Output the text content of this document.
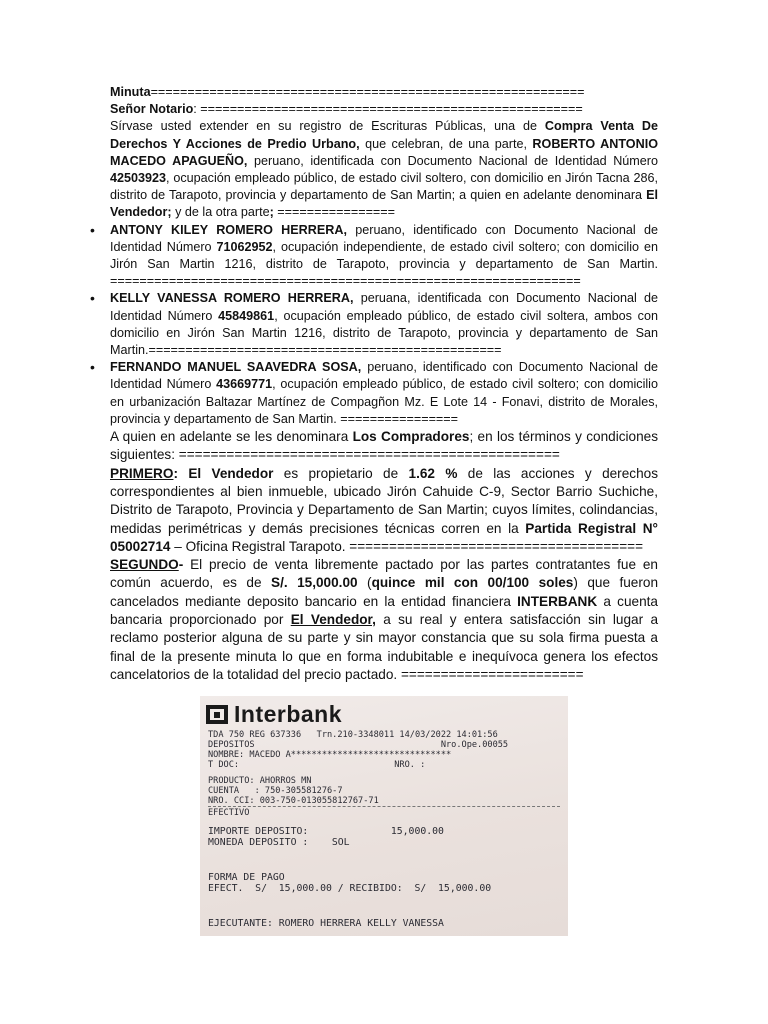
Minuta===========================================================

Señor Notario: ====================================================

Sírvase usted extender en su registro de Escrituras Públicas, una de Compra Venta De Derechos Y Acciones de Predio Urbano, que celebran, de una parte, ROBERTO ANTONIO MACEDO APAGUEÑO, peruano, identificada con Documento Nacional de Identidad Número 42503923, ocupación empleado público, de estado civil soltero, con domicilio en Jirón Tacna 286, distrito de Tarapoto, provincia y departamento de San Martin; a quien en adelante denominara El Vendedor; y de la otra parte; ================

• ANTONY KILEY ROMERO HERRERA, peruano, identificado con Documento Nacional de Identidad Número 71062952, ocupación independiente, de estado civil soltero; con domicilio en Jirón San Martin 1216, distrito de Tarapoto, provincia y departamento de San Martin. ================================================================

• KELLY VANESSA ROMERO HERRERA, peruana, identificada con Documento Nacional de Identidad Número 45849861, ocupación empleado público, de estado civil soltera, ambos con domicilio en Jirón San Martin 1216, distrito de Tarapoto, provincia y departamento de San Martin.================================================

• FERNANDO MANUEL SAAVEDRA SOSA, peruano, identificado con Documento Nacional de Identidad Número 43669771, ocupación empleado público, de estado civil soltero; con domicilio en urbanización Baltazar Martínez de Compagñon Mz. E Lote 14 - Fonavi, distrito de Morales, provincia y departamento de San Martin. ================

A quien en adelante se les denominara Los Compradores; en los términos y condiciones siguientes: ================================================

PRIMERO: El Vendedor es propietario de 1.62 % de las acciones y derechos correspondientes al bien inmueble, ubicado Jirón Cahuide C-9, Sector Barrio Suchiche, Distrito de Tarapoto, Provincia y Departamento de San Martin; cuyos límites, colindancias, medidas perimétricas y demás precisiones técnicas corren en la Partida Registral N° 05002714 – Oficina Registral Tarapoto. =====================================

SEGUNDO- El precio de venta libremente pactado por las partes contratantes fue en común acuerdo, es de S/. 15,000.00 (quince mil con 00/100 soles) que fueron cancelados mediante deposito bancario en la entidad financiera INTERBANK a cuenta bancaria proporcionado por El Vendedor, a su real y entera satisfacción sin lugar a reclamo posterior alguna de su parte y sin mayor constancia que su sola firma puesta a final de la presente minuta lo que en forma indubitable e inequívoca genera los efectos cancelatorios de la totalidad del precio pactado. =======================

Interbank
TDA 750 REG 637336   Trn.210-3348011 14/03/2022 14:01:56
DEPOSITOS                                    Nro.Ope.00055
NOMBRE: MACEDO A*******************************
T DOC:                              NRO. :
PRODUCTO: AHORROS MN
CUENTA   : 750-305581276-7
NRO. CCI: 003-750-013055812767-71
EFECTIVO
IMPORTE DEPOSITO:              15,000.00
MONEDA DEPOSITO :    SOL
FORMA DE PAGO
EFECT.  S/  15,000.00 / RECIBIDO:  S/  15,000.00
EJECUTANTE: ROMERO HERRERA KELLY VANESSA
